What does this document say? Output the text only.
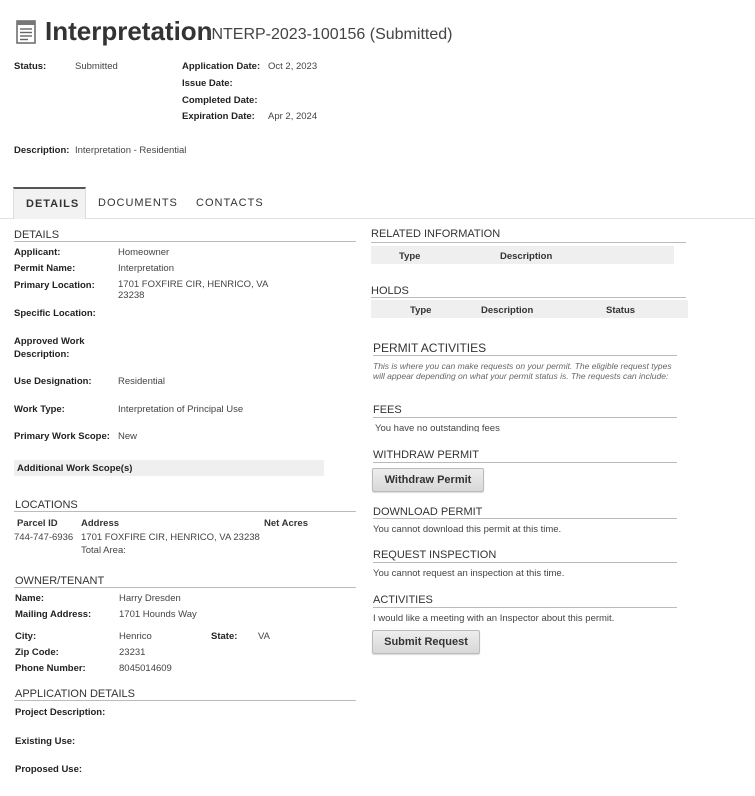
Interpretation
INTERP-2023-100156 (Submitted)
Status:	Submitted	Application Date: Oct 2, 2023
Issue Date:
Completed Date:
Expiration Date: Apr 2, 2024
Description: Interpretation - Residential
DETAILS	DOCUMENTS	CONTACTS
DETAILS
Applicant:	Homeowner
Permit Name:	Interpretation
Primary Location: 1701 FOXFIRE CIR, HENRICO, VA
23238
Specific Location:
Approved Work
Description:
Use Designation:	Residential
Work Type:	Interpretation of Principal Use
Primary Work Scope: New
Additional Work Scope(s)
LOCATIONS
Parcel ID Address	Net Acres
744-747-6936 1701 FOXFIRE CIR, HENRICO, VA 23238
Total Area:
OWNER/TENANT
Name:	Harry Dresden
Mailing Address:	1701 Hounds Way
City:	Henrico	State: VA
Zip Code:	23231
Phone Number:	8045014609
APPLICATION DETAILS
Project Description:
Existing Use:
Proposed Use:
RELATED INFORMATION
Type	Description
HOLDS
Type	Description	Status
PERMIT ACTIVITIES
This is where you can make requests on your permit. The eligible request types will appear depending on what your permit status is. The requests can include:
FEES
You have no outstanding fees
WITHDRAW PERMIT
Withdraw Permit
DOWNLOAD PERMIT
You cannot download this permit at this time.
REQUEST INSPECTION
You cannot request an inspection at this time.
ACTIVITIES
I would like a meeting with an Inspector about this permit.
Submit Request
